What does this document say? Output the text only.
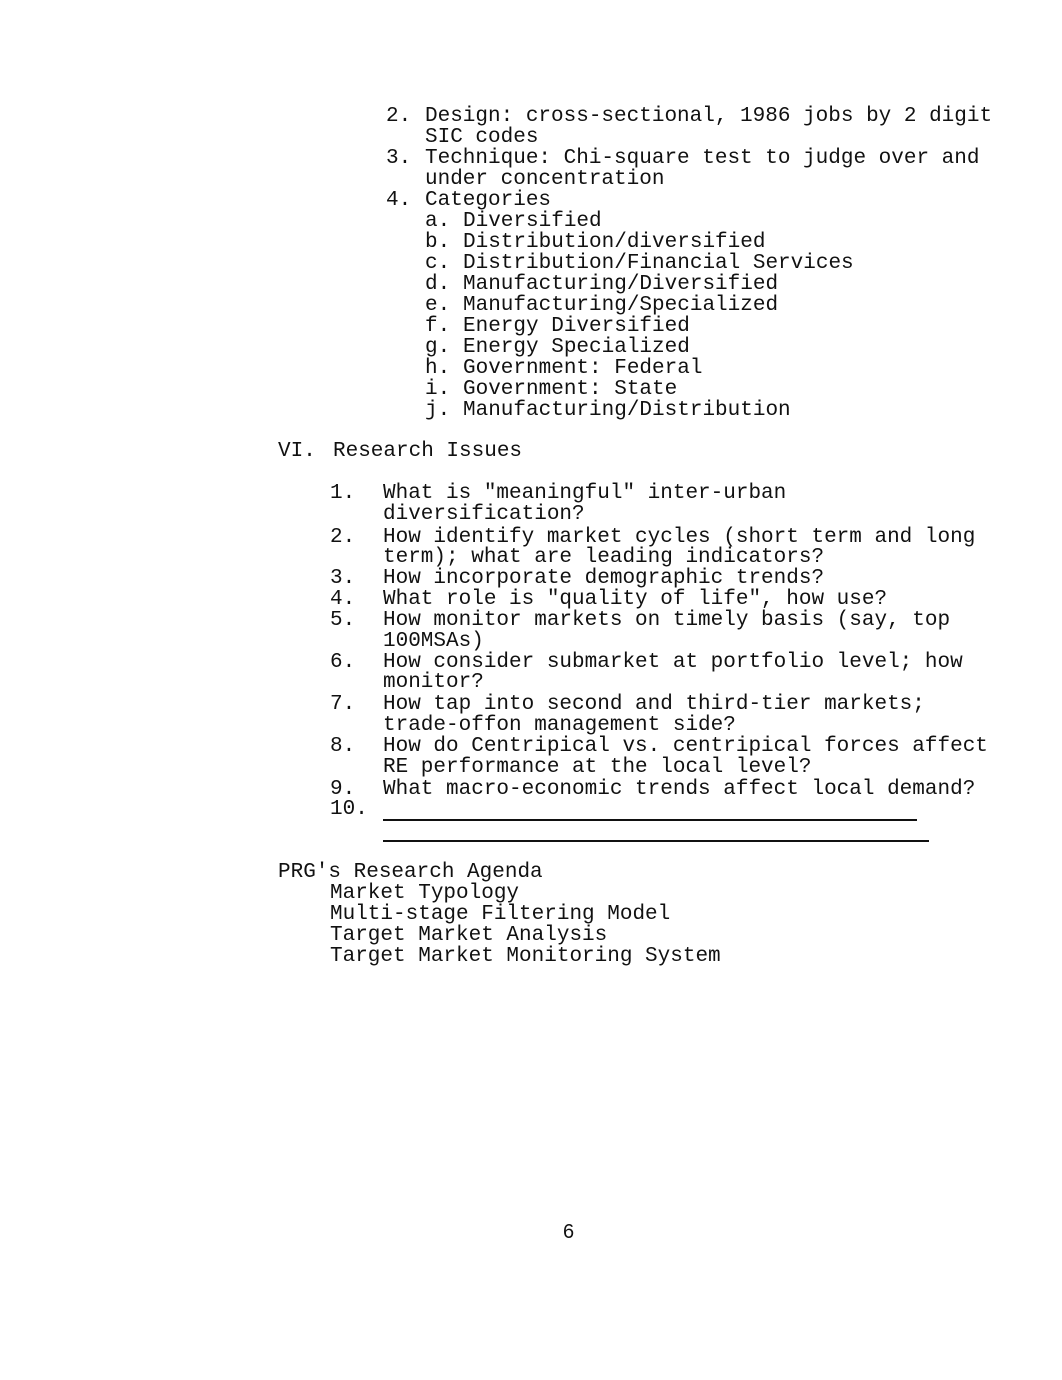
2.

Design: cross-sectional, 1986 jobs by 2 digit

SIC codes

3.

Technique: Chi-square test to judge over and

under concentration

4.

Categories

a.

Diversified

b.

Distribution/diversified

c.

Distribution/Financial Services

d.

Manufacturing/Diversified

e.

Manufacturing/Specialized

f.

Energy Diversified

g.

Energy Specialized

h.

Government: Federal

i.

Government: State

j.

Manufacturing/Distribution

VI.

Research Issues

1.

What is "meaningful" inter-urban

diversification?

2.

How identify market cycles (short term and long

term); what are leading indicators?

3.

How incorporate demographic trends?

4.

What role is "quality of life", how use?

5.

How monitor markets on timely basis (say, top

100MSAs)

6.

How consider submarket at portfolio level; how

monitor?

7.

How tap into second and third-tier markets;

trade-offon management side?

8.

How do Centripical vs. centripical forces affect

RE performance at the local level?

9.

What macro-economic trends affect local demand?

10.

PRG's Research Agenda
Market Typology
Multi-stage Filtering Model
Target Market Analysis
Target Market Monitoring System
6
